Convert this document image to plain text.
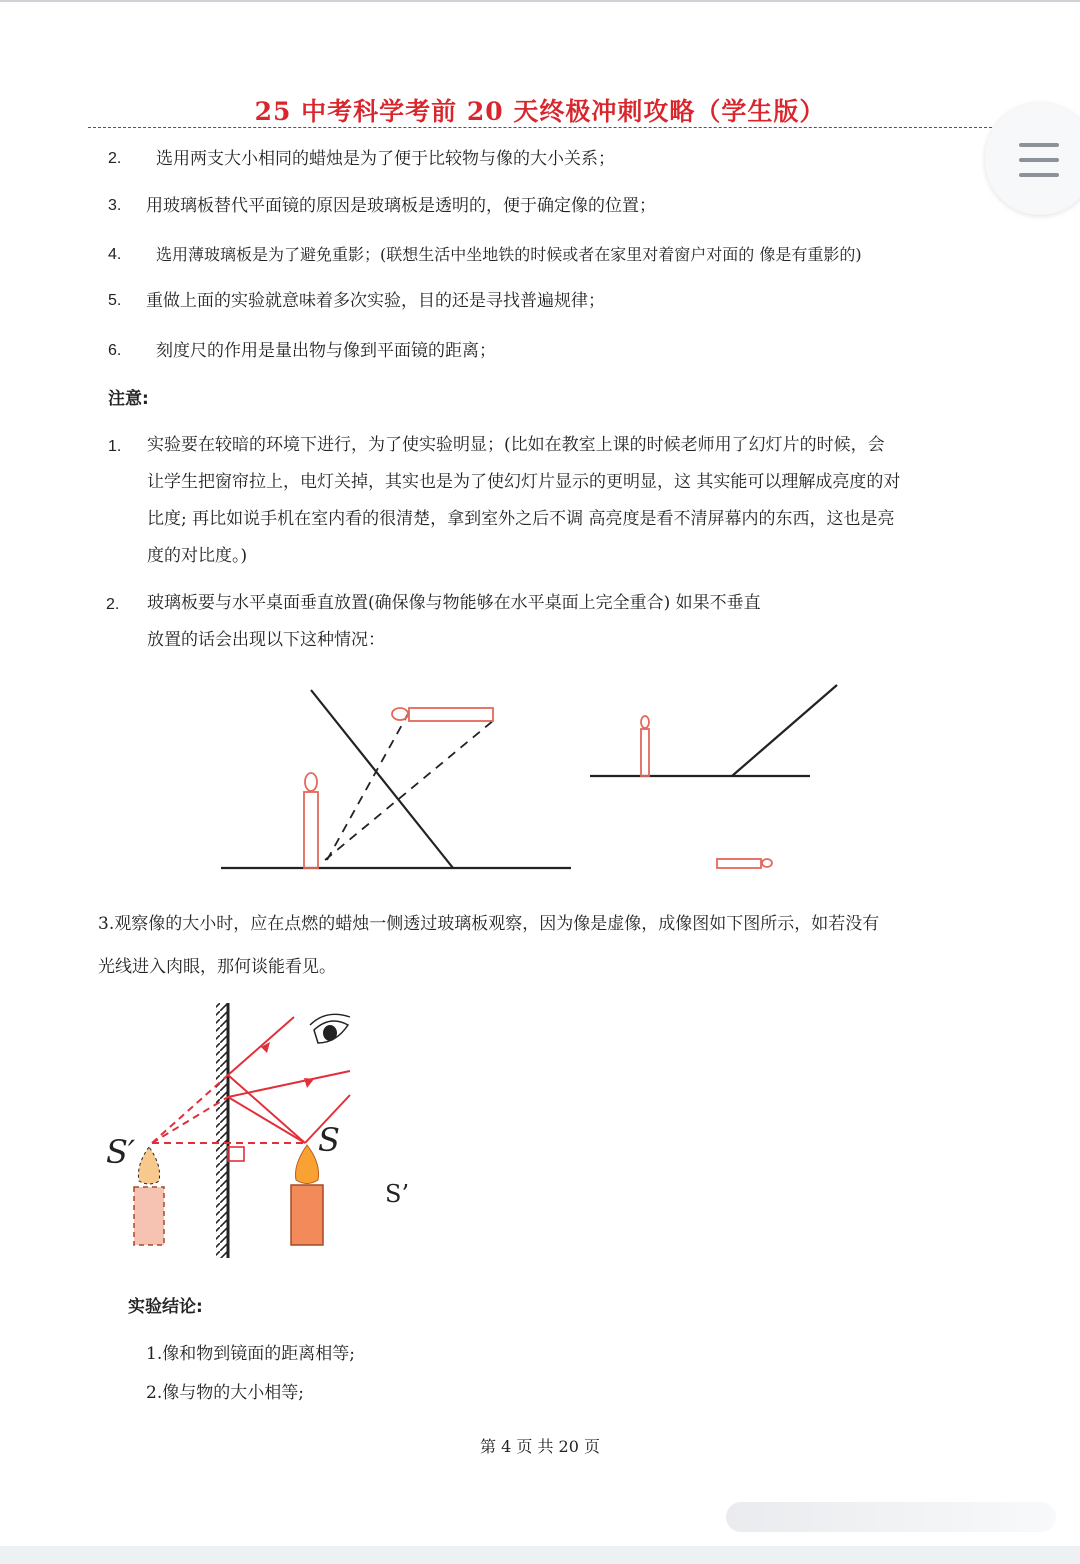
25 中考科学考前 20 天终极冲刺攻略（学生版）
2. 选用两支大小相同的蜡烛是为了便于比较物与像的大小关系；
3. 用玻璃板替代平面镜的原因是玻璃板是透明的，便于确定像的位置；
4. 选用薄玻璃板是为了避免重影；(联想生活中坐地铁的时候或者在家里对着窗户对面的 像是有重影的)
5. 重做上面的实验就意味着多次实验，目的还是寻找普遍规律；
6. 刻度尺的作用是量出物与像到平面镜的距离；
注意:
1. 实验要在较暗的环境下进行，为了使实验明显；(比如在教室上课的时候老师用了幻灯片的时候，会
让学生把窗帘拉上，电灯关掉，其实也是为了使幻灯片显示的更明显，这 其实能可以理解成亮度的对
比度; 再比如说手机在室内看的很清楚，拿到室外之后不调 高亮度是看不清屏幕内的东西，这也是亮
度的对比度。)
2. 玻璃板要与水平桌面垂直放置(确保像与物能够在水平桌面上完全重合) 如果不垂直
放置的话会出现以下这种情况：
3.观察像的大小时，应在点燃的蜡烛一侧透过玻璃板观察，因为像是虚像，成像图如下图所示，如若没有
光线进入肉眼，那何谈能看见。
S′	S
S’
实验结论:
1.像和物到镜面的距离相等;
2.像与物的大小相等;
第 4 页 共 20 页
